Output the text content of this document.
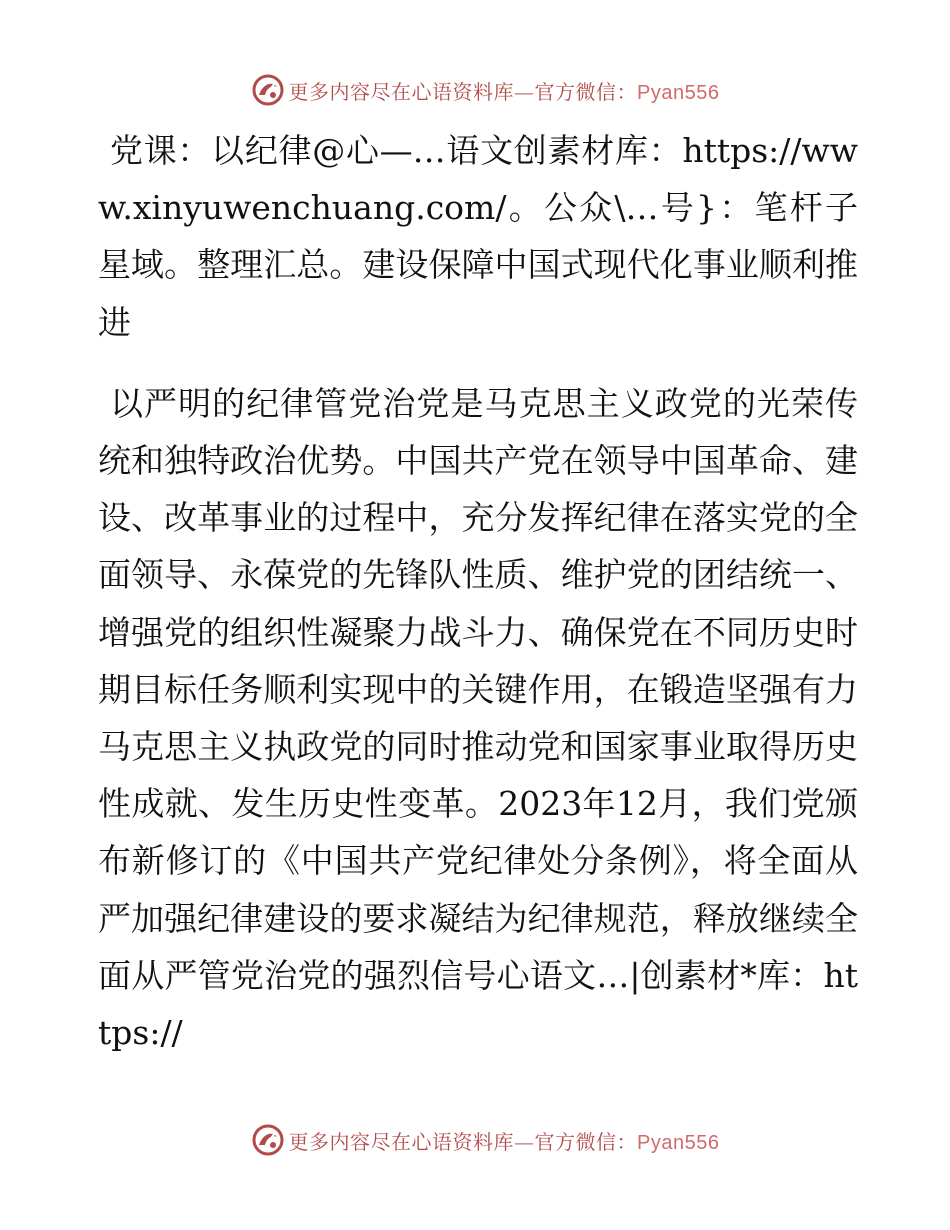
更多内容尽在心语资料库—官方微信：Pyan556

党课：以纪律@心—…语文创素材库：https://www.xinyuwenchuang.com/。公众\…号}：笔杆子星域。整理汇总。建设保障中国式现代化事业顺利推进

以严明的纪律管党治党是马克思主义政党的光荣传统和独特政治优势。中国共产党在领导中国革命、建设、改革事业的过程中，充分发挥纪律在落实党的全面领导、永葆党的先锋队性质、维护党的团结统一、增强党的组织性凝聚力战斗力、确保党在不同历史时期目标任务顺利实现中的关键作用，在锻造坚强有力马克思主义执政党的同时推动党和国家事业取得历史性成就、发生历史性变革。2023年12月，我们党颁布新修订的《中国共产党纪律处分条例》，将全面从严加强纪律建设的要求凝结为纪律规范，释放继续全面从严管党治党的强烈信号心语文…|创素材*库：https://

更多内容尽在心语资料库—官方微信：Pyan556
